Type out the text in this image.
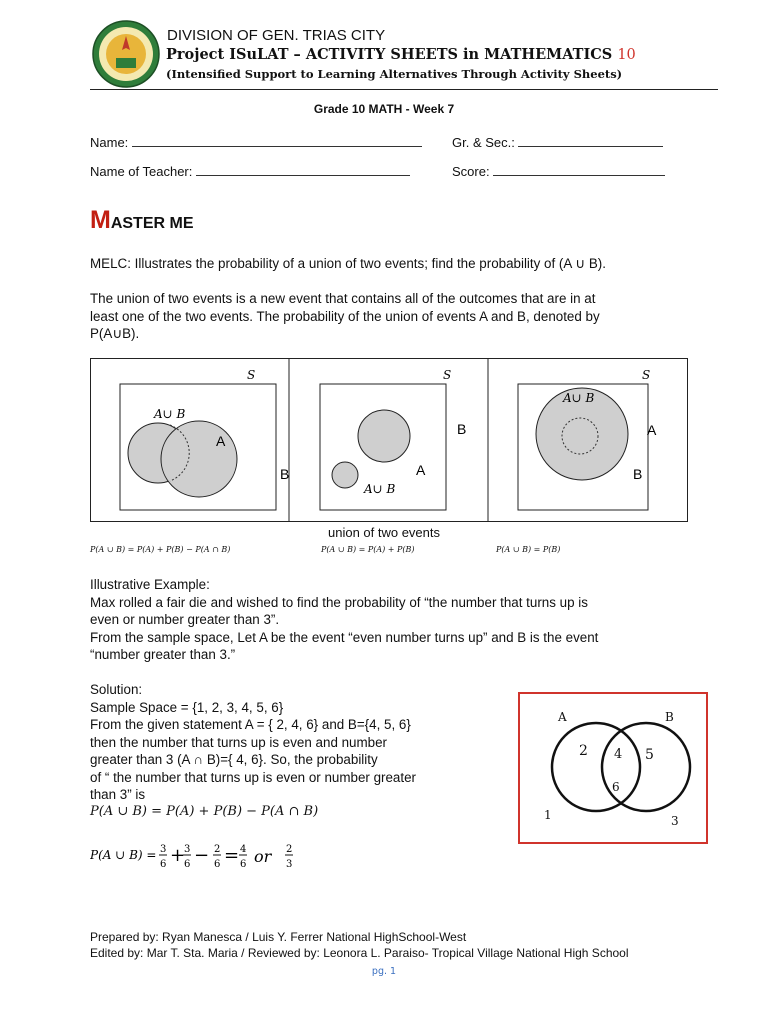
DIVISION OF GEN. TRIAS CITY
Project ISuLAT – ACTIVITY SHEETS in MATHEMATICS 10
(Intensified Support to Learning Alternatives Through Activity Sheets)
Grade 10 MATH - Week 7
Name:	Gr. & Sec.:
Name of Teacher:	Score:
MASTER ME
MELC: Illustrates the probability of a union of two events; find the probability of (A ∪ B).
The union of two events is a new event that contains all of the outcomes that are in at
least one of the two events. The probability of the union of events A and B, denoted by
P(A∪B).
S
A∪ B
A
B
S
B
A
A∪ B
S
A∪ B
A
B
union of two events
P(A ∪ B) = P(A) + P(B) − P(A ∩ B)	P(A ∪ B) = P(A) + P(B)	P(A ∪ B) = P(B)
Illustrative Example:
Max rolled a fair die and wished to find the probability of “the number that turns up is
even or number greater than 3”.
From the sample space, Let A be the event “even number turns up” and B is the event
“number greater than 3.”
Solution:
Sample Space = {1, 2, 3, 4, 5, 6}
From the given statement A = { 2, 4, 6} and B={4, 5, 6}
then the number that turns up is even and number
greater than 3 (A ∩ B)={ 4, 6}. So, the probability
of “ the number that turns up is even or number greater
than 3” is
P(A ∪ B) = P(A) + P(B) − P(A ∩ B)
P(A ∪ B) = 3
6 +
3
6 − 2
6 = 4
6 or 2
3
A	B
2 4 5
6
1	3
Prepared by: Ryan Manesca / Luis Y. Ferrer National HighSchool-West
Edited by: Mar T. Sta. Maria / Reviewed by: Leonora L. Paraiso- Tropical Village National High School
pg. 1
